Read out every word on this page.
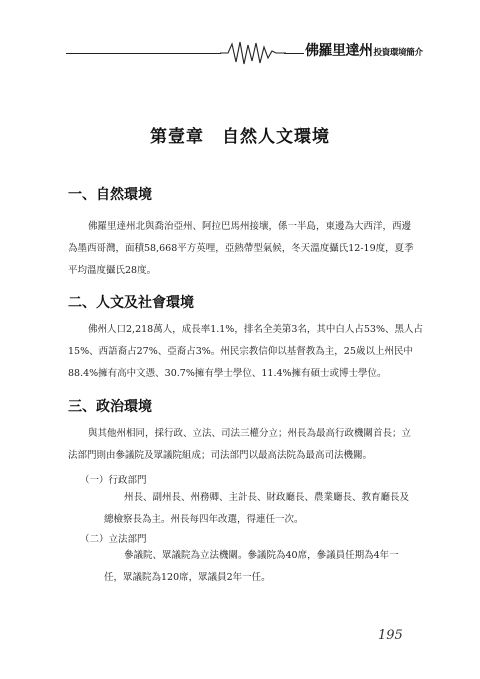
佛羅里達州 投資環境簡介
第壹章　自然人文環境
一、自然環境
佛羅里達州北與喬治亞州、阿拉巴馬州接壤，係一半島，東邊為大西洋，西邊
為墨西哥灣，面積58,668平方英哩，亞熱帶型氣候，冬天溫度攝氏12-19度，夏季
平均溫度攝氏28度。
二、人文及社會環境
佛州人口2,218萬人，成長率1.1%，排名全美第3名，其中白人占53%、黑人占
15%、西語裔占27%、亞裔占3%。州民宗教信仰以基督教為主，25歲以上州民中
88.4%擁有高中文憑、30.7%擁有學士學位、11.4%擁有碩士或博士學位。
三、政治環境
與其他州相同，採行政、立法、司法三權分立；州長為最高行政機關首長；立
法部門則由參議院及眾議院組成；司法部門以最高法院為最高司法機關。
（一）行政部門
州長、副州長、州務卿、主計長、財政廳長、農業廳長、教育廳長及
總檢察長為主。州長每四年改選，得連任一次。
（二）立法部門
參議院、眾議院為立法機關。參議院為40席，參議員任期為4年一
任，眾議院為120席，眾議員2年一任。
195
